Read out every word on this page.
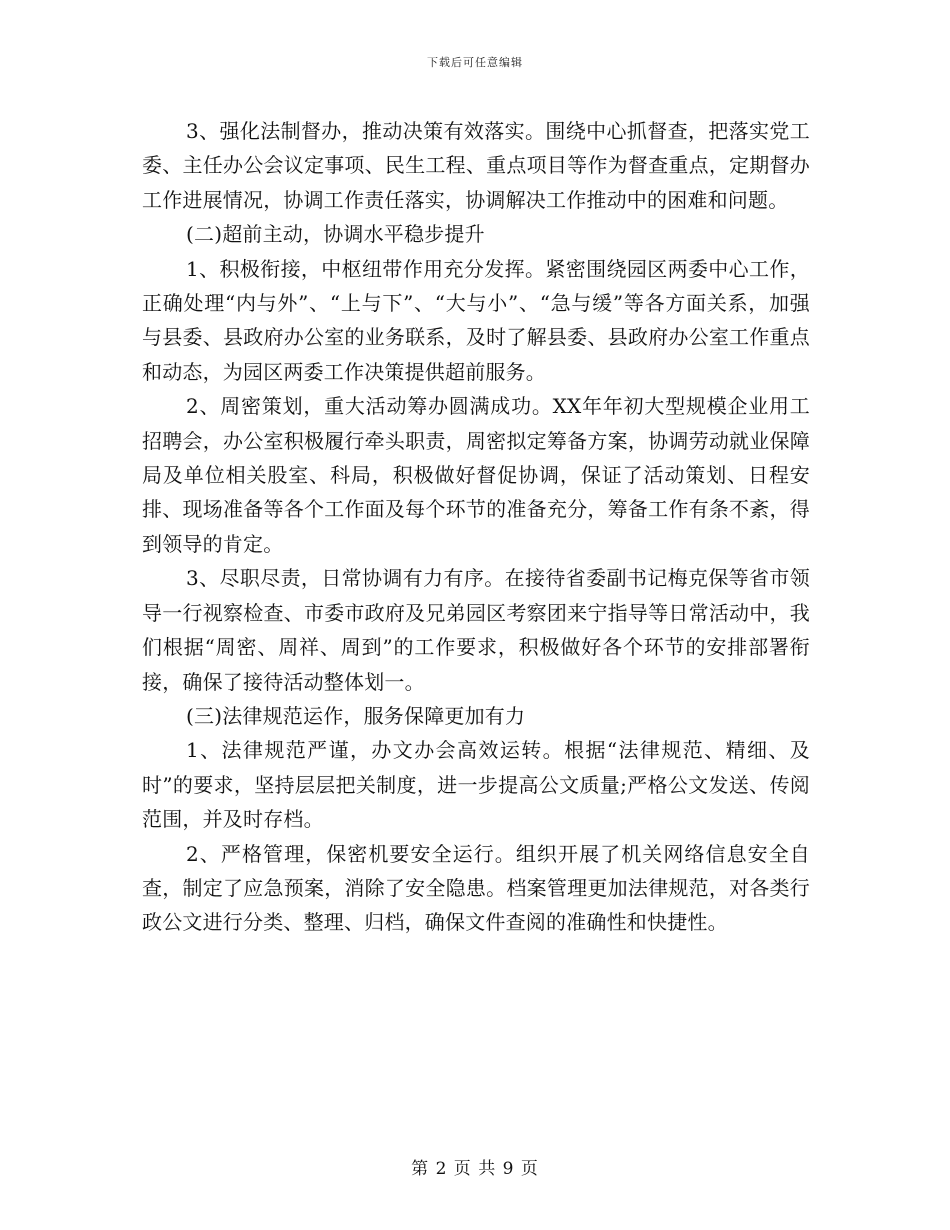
下载后可任意编辑

3、强化法制督办，推动决策有效落实。围绕中心抓督查，把落实党工委、主任办公会议定事项、民生工程、重点项目等作为督查重点，定期督办工作进展情况，协调工作责任落实，协调解决工作推动中的困难和问题。

(二)超前主动，协调水平稳步提升

1、积极衔接，中枢纽带作用充分发挥。紧密围绕园区两委中心工作，正确处理“内与外”、“上与下”、“大与小”、“急与缓”等各方面关系，加强与县委、县政府办公室的业务联系，及时了解县委、县政府办公室工作重点和动态，为园区两委工作决策提供超前服务。

2、周密策划，重大活动筹办圆满成功。XX年年初大型规模企业用工招聘会，办公室积极履行牵头职责，周密拟定筹备方案，协调劳动就业保障局及单位相关股室、科局，积极做好督促协调，保证了活动策划、日程安排、现场准备等各个工作面及每个环节的准备充分，筹备工作有条不紊，得到领导的肯定。

3、尽职尽责，日常协调有力有序。在接待省委副书记梅克保等省市领导一行视察检查、市委市政府及兄弟园区考察团来宁指导等日常活动中，我们根据“周密、周祥、周到”的工作要求，积极做好各个环节的安排部署衔接，确保了接待活动整体划一。

(三)法律规范运作，服务保障更加有力

1、法律规范严谨，办文办会高效运转。根据“法律规范、精细、及时”的要求，坚持层层把关制度，进一步提高公文质量;严格公文发送、传阅范围，并及时存档。

2、严格管理，保密机要安全运行。组织开展了机关网络信息安全自查，制定了应急预案，消除了安全隐患。档案管理更加法律规范，对各类行政公文进行分类、整理、归档，确保文件查阅的准确性和快捷性。

第 2 页 共 9 页
